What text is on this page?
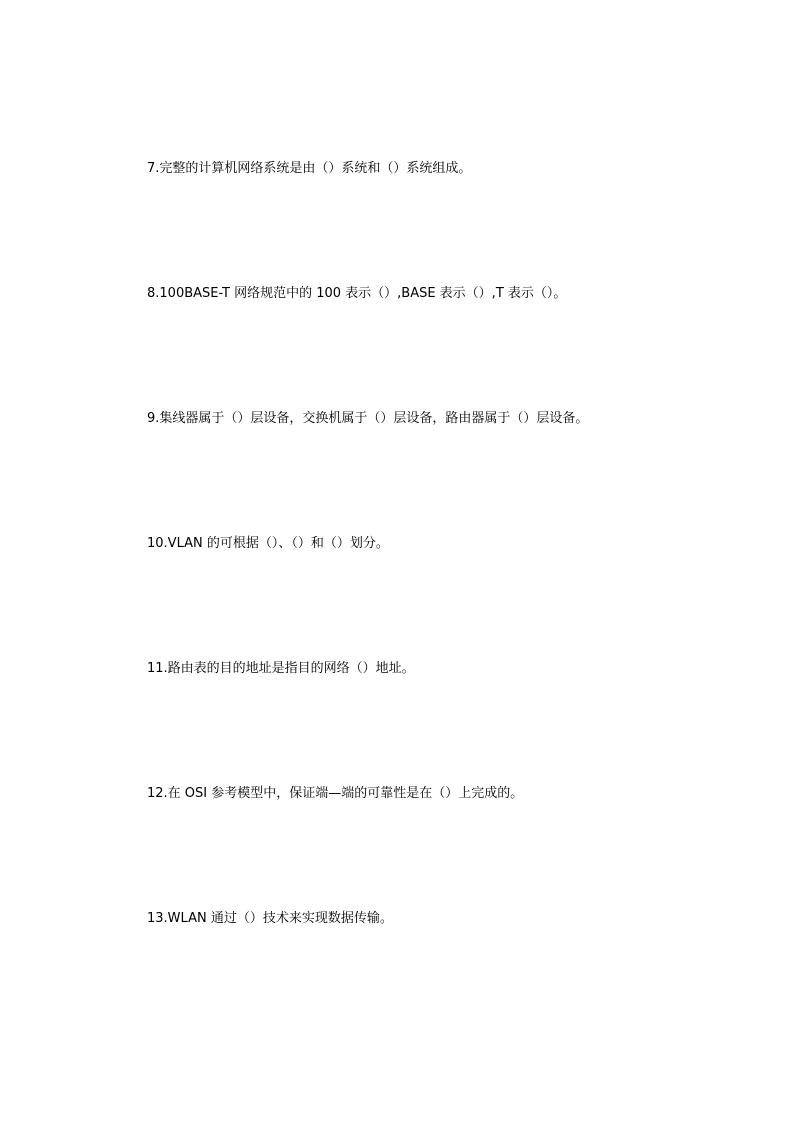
7.完整的计算机网络系统是由（）系统和（）系统组成。
8.100BASE-T 网络规范中的 100 表示（）,BASE 表示（）,T 表示（）。
9.集线器属于（）层设备，交换机属于（）层设备，路由器属于（）层设备。
10.VLAN 的可根据（）、（）和（）划分。
11.路由表的目的地址是指目的网络（）地址。
12.在 OSI 参考模型中，保证端—端的可靠性是在（）上完成的。
13.WLAN 通过（）技术来实现数据传输。
